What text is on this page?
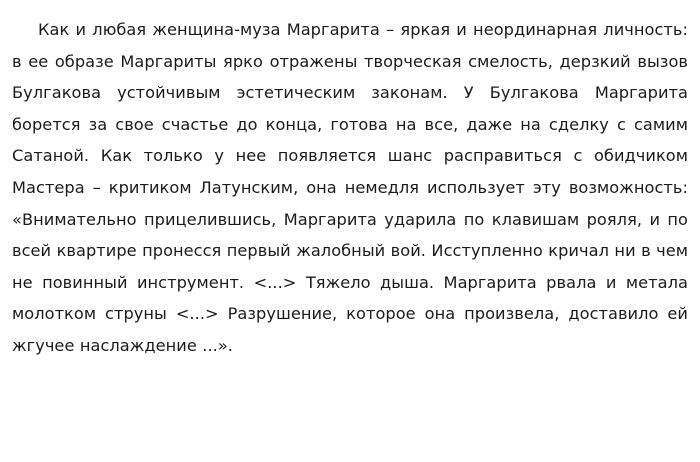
Как и любая женщина-муза Маргарита – яркая и неординарная личность: в ее образе Маргариты ярко отражены творческая смелость, дерзкий вызов Булгакова устойчивым эстетическим законам. У Булгакова Маргарита борется за свое счастье до конца, готова на все, даже на сделку с самим Сатаной. Как только у нее появляется шанс расправиться с обидчиком Мастера – критиком Латунским, она немедля использует эту возможность: «Внимательно прицелившись, Маргарита ударила по клавишам рояля, и по всей квартире пронесся первый жалобный вой. Исступленно кричал ни в чем не повинный инструмент. <...> Тяжело дыша. Маргарита рвала и метала молотком струны <...> Разрушение, которое она произвела, доставило ей жгучее наслаждение ...».
